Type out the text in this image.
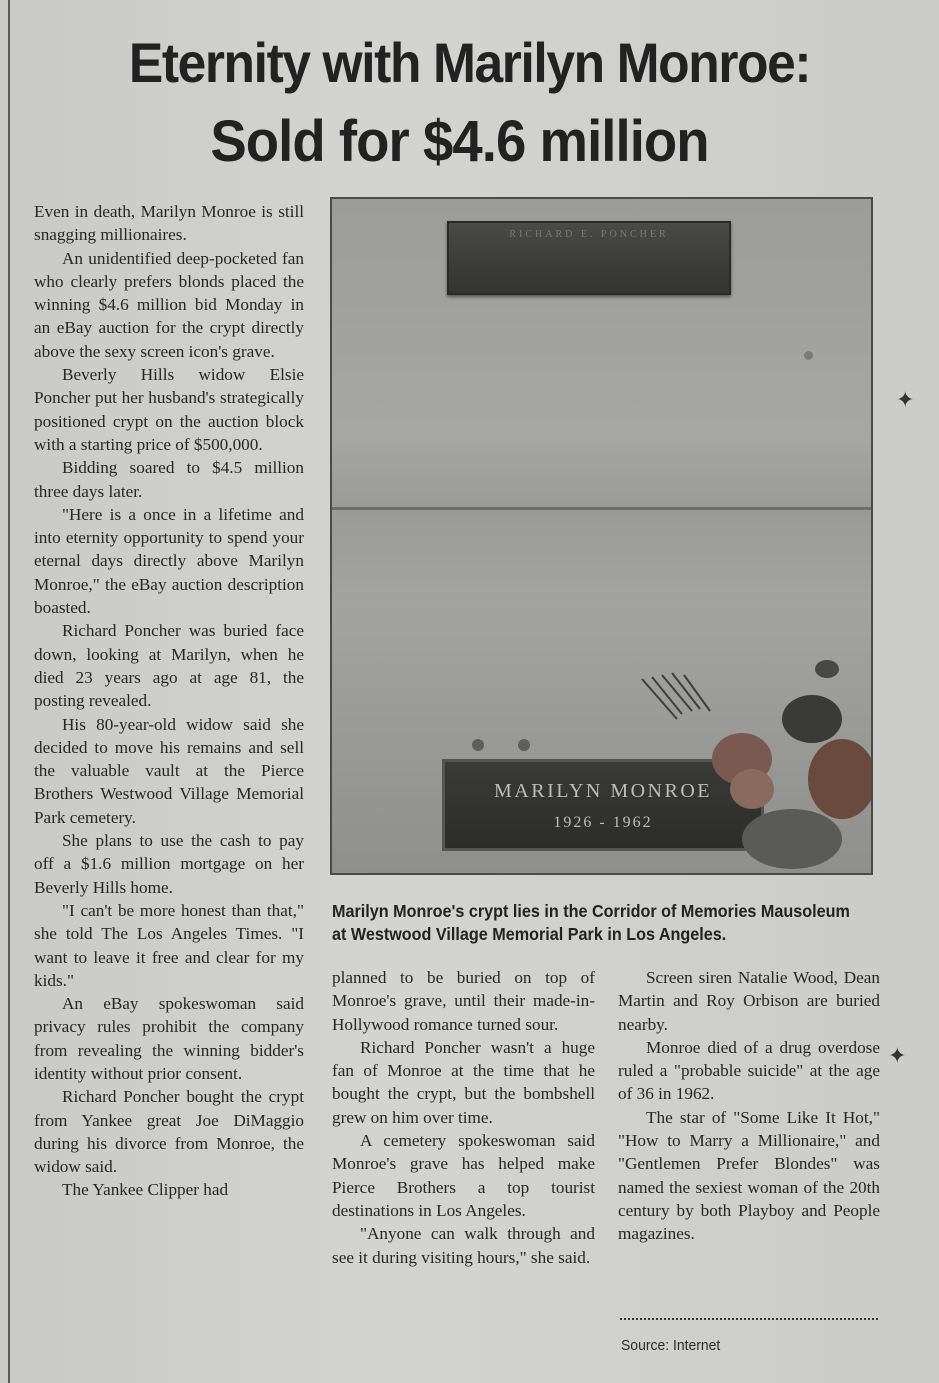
Eternity with Marilyn Monroe:
Sold for $4.6 million

Even in death, Marilyn Monroe is still snagging millionaires.

An unidentified deep-pocketed fan who clearly prefers blonds placed the winning $4.6 million bid Monday in an eBay auction for the crypt directly above the sexy screen icon's grave.

Beverly Hills widow Elsie Poncher put her husband's strategically positioned crypt on the auction block with a starting price of $500,000.

Bidding soared to $4.5 million three days later.

"Here is a once in a lifetime and into eternity opportunity to spend your eternal days directly above Marilyn Monroe," the eBay auction description boasted.

Richard Poncher was buried face down, looking at Marilyn, when he died 23 years ago at age 81, the posting revealed.

His 80-year-old widow said she decided to move his remains and sell the valuable vault at the Pierce Brothers Westwood Village Memorial Park cemetery.

She plans to use the cash to pay off a $1.6 million mortgage on her Beverly Hills home.

"I can't be more honest than that," she told The Los Angeles Times. "I want to leave it free and clear for my kids."

An eBay spokeswoman said privacy rules prohibit the company from revealing the winning bidder's identity without prior consent.

Richard Poncher bought the crypt from Yankee great Joe DiMaggio during his divorce from Monroe, the widow said.

The Yankee Clipper had

RICHARD E. PONCHER
MARILYN MONROE
1926 - 1962
Marilyn Monroe's crypt lies in the Corridor of Memories Mausoleum at Westwood Village Memorial Park in Los Angeles.

planned to be buried on top of Monroe's grave, until their made-in-Hollywood romance turned sour.

Richard Poncher wasn't a huge fan of Monroe at the time that he bought the crypt, but the bombshell grew on him over time.

A cemetery spokeswoman said Monroe's grave has helped make Pierce Brothers a top tourist destinations in Los Angeles.

"Anyone can walk through and see it during visiting hours," she said.

Screen siren Natalie Wood, Dean Martin and Roy Orbison are buried nearby.

Monroe died of a drug overdose ruled a "probable suicide" at the age of 36 in 1962.

The star of "Some Like It Hot," "How to Marry a Millionaire," and "Gentlemen Prefer Blondes" was named the sexiest woman of the 20th century by both Playboy and People magazines.

Source: Internet
✦
✦
